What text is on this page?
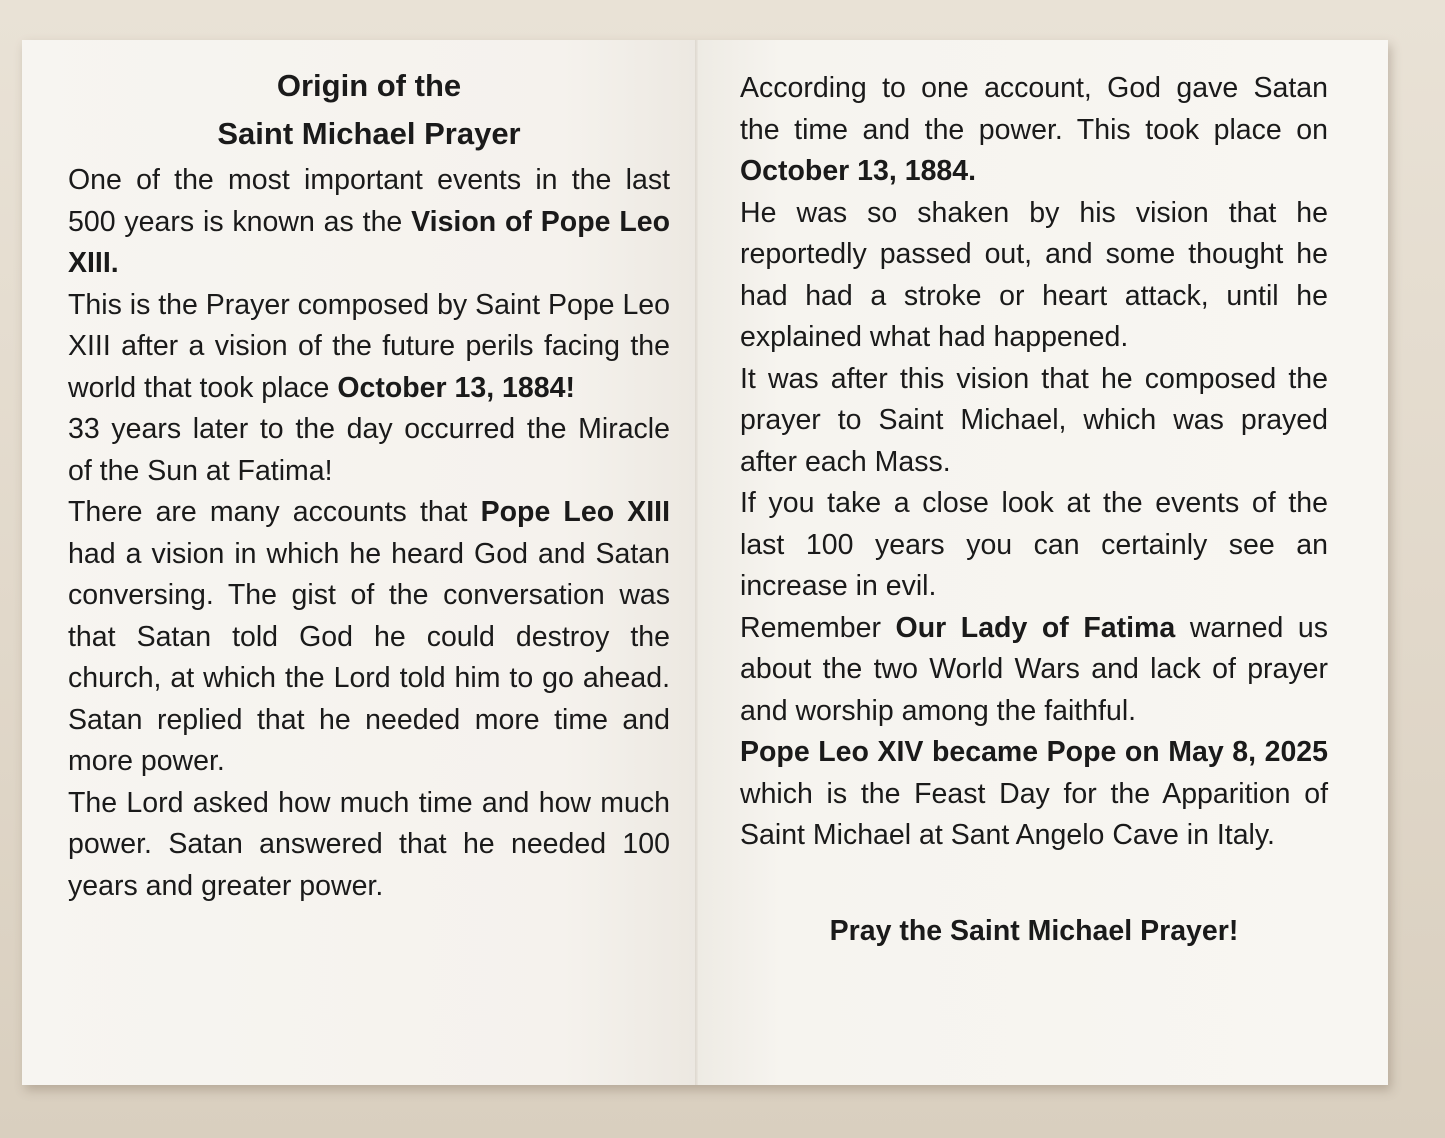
Origin of the
Saint Michael Prayer

One of the most important events in the last 500 years is known as the Vision of Pope Leo XIII.

This is the Prayer composed by Saint Pope Leo XIII after a vision of the future perils facing the world that took place October 13, 1884!

33 years later to the day occurred the Miracle of the Sun at Fatima!

There are many accounts that Pope Leo XIII had a vision in which he heard God and Satan conversing. The gist of the conversation was that Satan told God he could destroy the church, at which the Lord told him to go ahead. Satan replied that he needed more time and more power.

The Lord asked how much time and how much power. Satan answered that he needed 100 years and greater power.

According to one account, God gave Satan the time and the power. This took place on October 13, 1884.

He was so shaken by his vision that he reportedly passed out, and some thought he had had a stroke or heart attack, until he explained what had happened.

It was after this vision that he composed the prayer to Saint Michael, which was prayed after each Mass.

If you take a close look at the events of the last 100 years you can certainly see an increase in evil.

Remember Our Lady of Fatima warned us about the two World Wars and lack of prayer and worship among the faithful.

Pope Leo XIV became Pope on May 8, 2025 which is the Feast Day for the Apparition of Saint Michael at Sant Angelo Cave in Italy.

Pray the Saint Michael Prayer!
